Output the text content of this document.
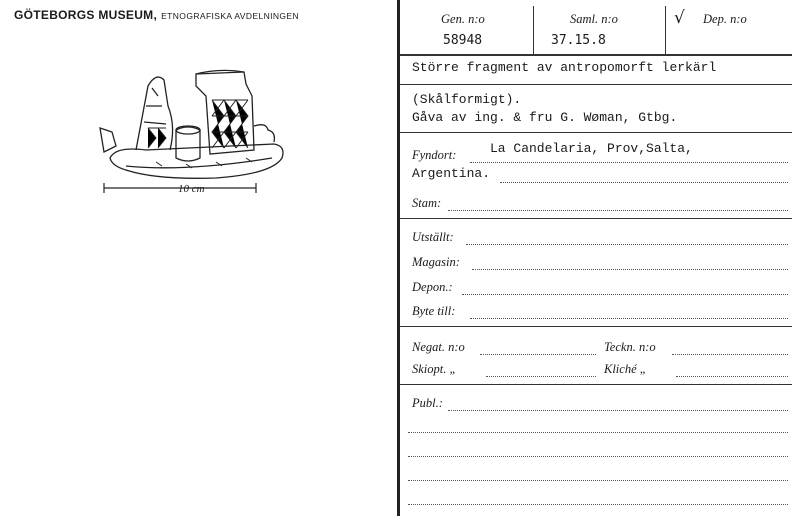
GÖTEBORGS MUSEUM, ETNOGRAFISKA AVDELNINGEN
10 cm
Gen. n:o
58948
Saml. n:o
37.15.8
√ Dep. n:o
Större fragment av antropomorft lerkärl
(Skålformigt).
Gåva av ing. & fru G. Wøman, Gtbg.
Fyndort:	La Candelaria, Prov,Salta,
Argentina.
Stam:
Utställt:
Magasin:
Depon.:
Byte till:
Negat. n:o	Teckn. n:o
Skiopt. „	Kliché „
Publ.:
